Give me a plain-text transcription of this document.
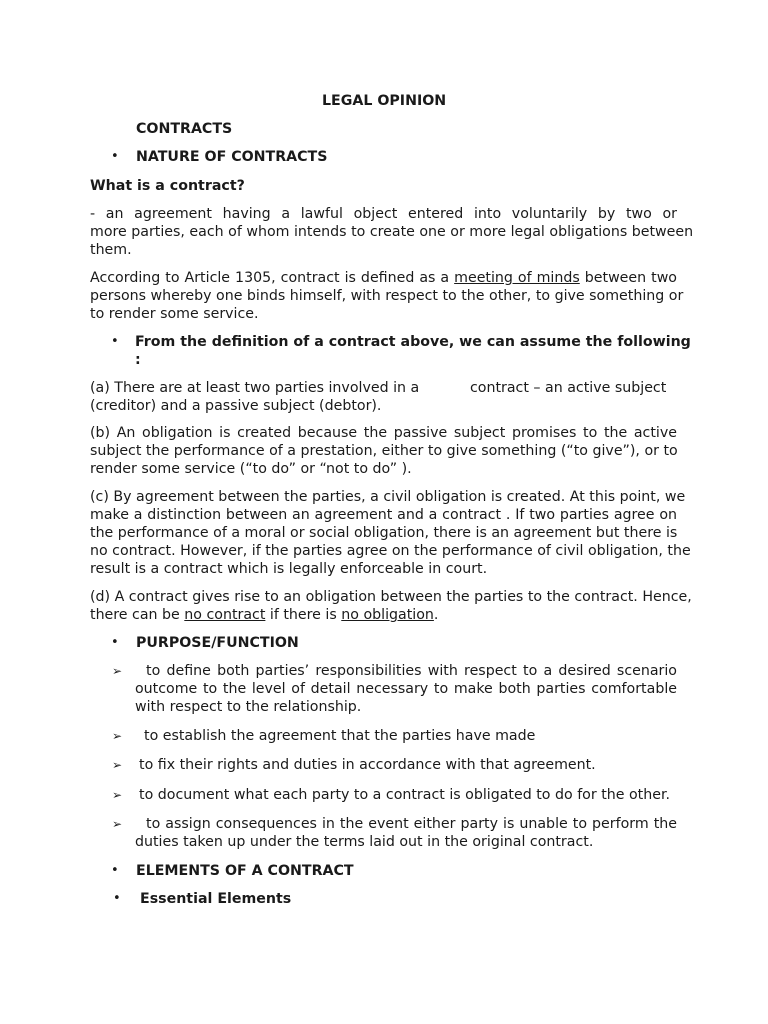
LEGAL OPINION
CONTRACTS
• NATURE OF CONTRACTS
What is a contract?
- an agreement having a lawful object entered into voluntarily by two or
more parties, each of whom intends to create one or more legal obligations between
them.
According to Article 1305, contract is defined as a meeting of minds between two
persons whereby one binds himself, with respect to the other, to give something or
to render some service.
• From the definition of a contract above, we can assume the following
:
(a) There are at least two parties involved in a	contract – an active subject
(creditor) and a passive subject (debtor).
(b) An obligation is created because the passive subject promises to the active
subject the performance of a prestation, either to give something (“to give”), or to
render some service (“to do” or “not to do” ).
(c) By agreement between the parties, a civil obligation is created. At this point, we
make a distinction between an agreement and a contract . If two parties agree on
the performance of a moral or social obligation, there is an agreement but there is
no contract. However, if the parties agree on the performance of civil obligation, the
result is a contract which is legally enforceable in court.
(d) A contract gives rise to an obligation between the parties to the contract. Hence,
there can be no contract if there is no obligation.
• PURPOSE/FUNCTION
➢	to define both parties’ responsibilities with respect to a desired scenario
outcome to the level of detail necessary to make both parties comfortable
with respect to the relationship.
➢ to establish the agreement that the parties have made
➢ to fix their rights and duties in accordance with that agreement.
➢ to document what each party to a contract is obligated to do for the other.
➢ to assign consequences in the event either party is unable to perform the
duties taken up under the terms laid out in the original contract.
• ELEMENTS OF A CONTRACT
• Essential Elements
